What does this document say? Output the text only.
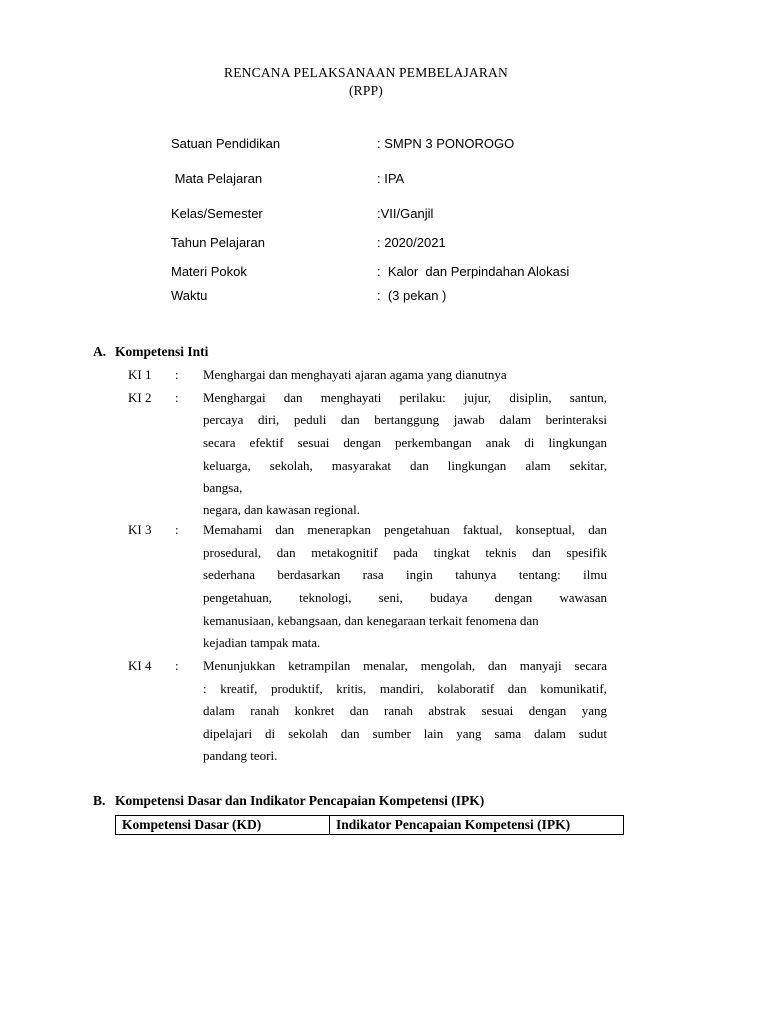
RENCANA PELAKSANAAN PEMBELAJARAN
(RPP)
Satuan Pendidikan	: SMPN 3 PONOROGO
Mata Pelajaran	: IPA
Kelas/Semester	:VII/Ganjil
Tahun Pelajaran	: 2020/2021
Materi Pokok	:  Kalor  dan Perpindahan Alokasi
Waktu	:  (3 pekan )
A. Kompetensi Inti
KI 1 : Menghargai dan menghayati ajaran agama yang dianutnya
KI 2 : Menghargai dan menghayati perilaku: jujur, disiplin, santun,
percaya diri, peduli dan bertanggung jawab dalam berinteraksi
secara efektif sesuai dengan perkembangan anak di lingkungan
keluarga, sekolah, masyarakat dan lingkungan alam sekitar,
bangsa,
negara, dan kawasan regional.
KI 3 : Memahami dan menerapkan pengetahuan faktual, konseptual, dan
prosedural, dan metakognitif pada tingkat teknis dan spesifik
sederhana berdasarkan rasa ingin tahunya tentang: ilmu
pengetahuan, teknologi, seni, budaya dengan wawasan
kemanusiaan, kebangsaan, dan kenegaraan terkait fenomena dan
kejadian tampak mata.
KI 4 : Menunjukkan ketrampilan menalar, mengolah, dan manyaji secara
: kreatif, produktif, kritis, mandiri, kolaboratif dan komunikatif,
dalam ranah konkret dan ranah abstrak sesuai dengan yang
dipelajari di sekolah dan sumber lain yang sama dalam sudut
pandang teori.
B. Kompetensi Dasar dan Indikator Pencapaian Kompetensi (IPK)
Kompetensi Dasar (KD)	Indikator Pencapaian Kompetensi (IPK)
